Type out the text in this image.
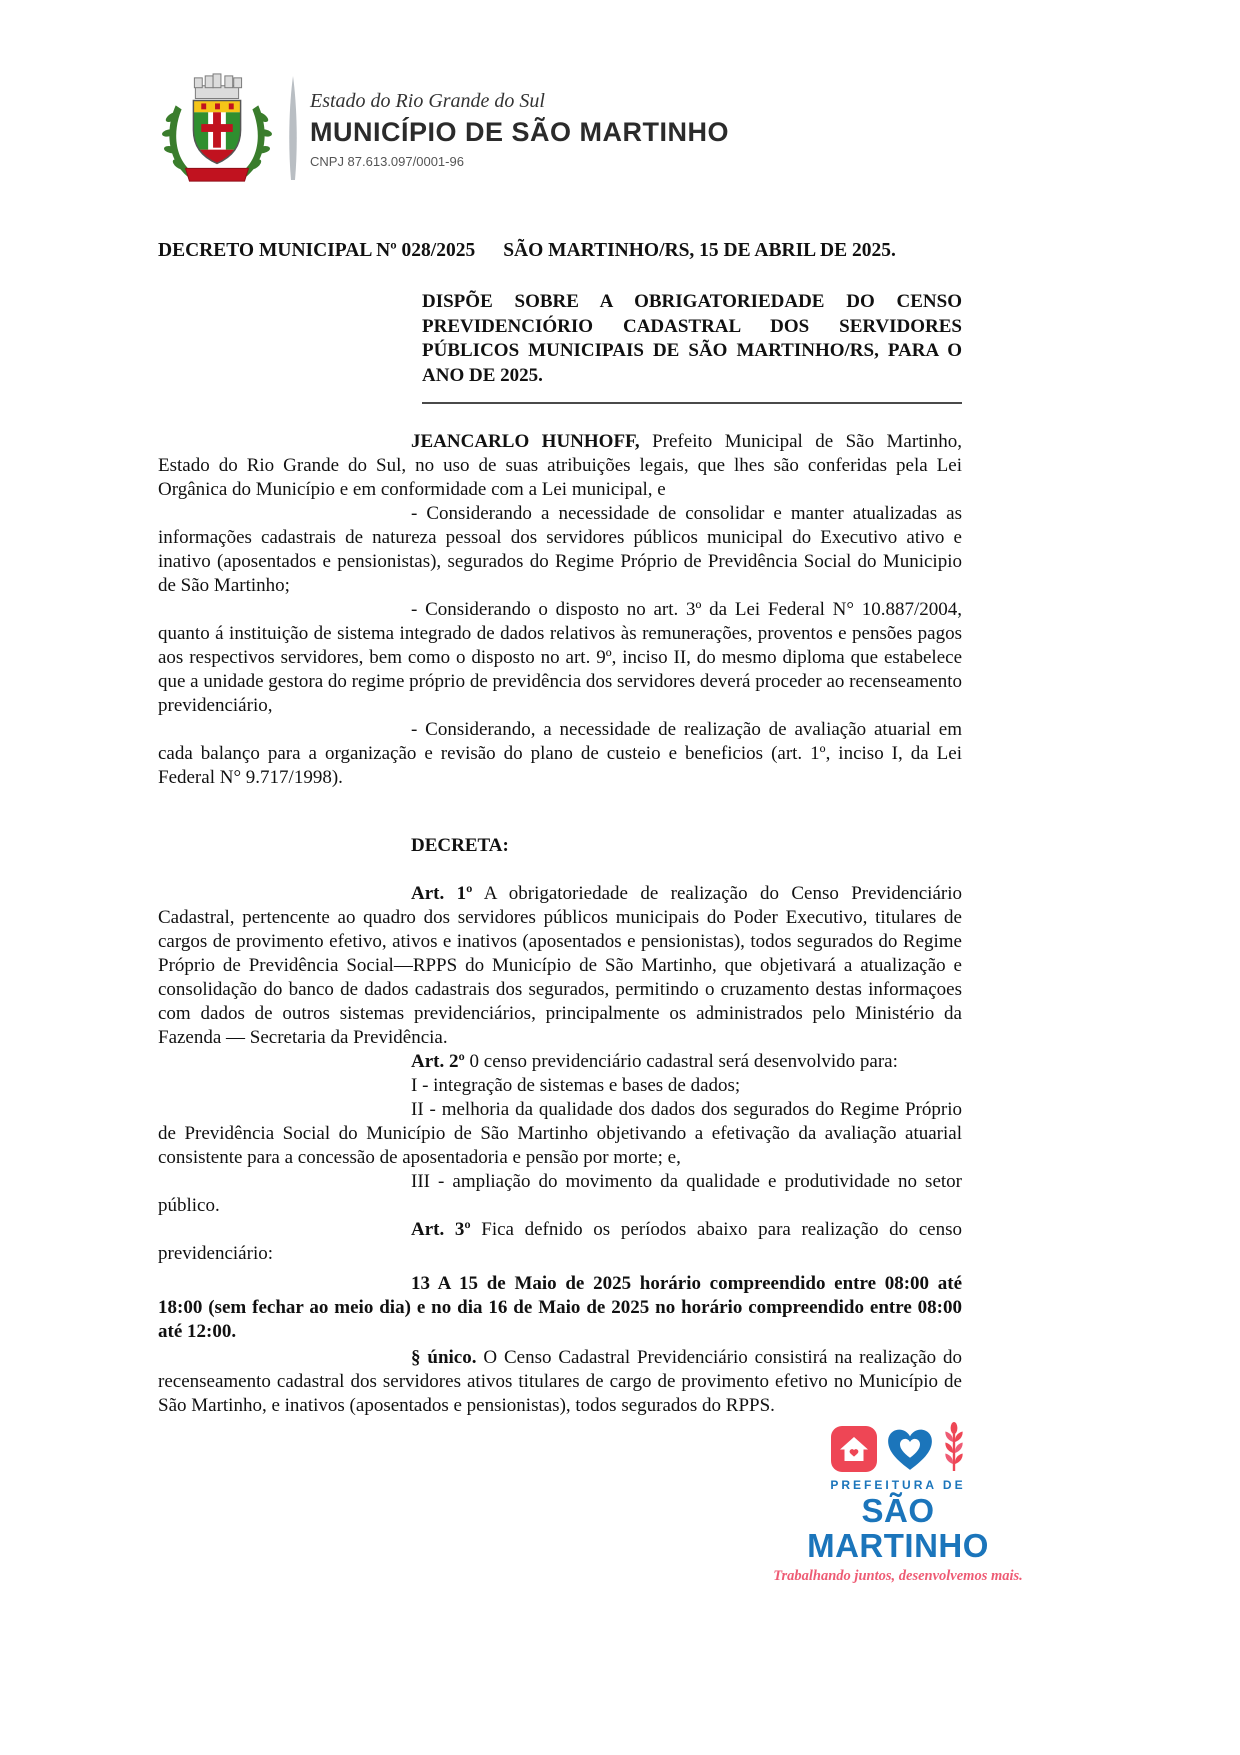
Estado do Rio Grande do Sul
MUNICÍPIO DE SÃO MARTINHO
CNPJ 87.613.097/0001-96
DECRETO MUNICIPAL Nº 028/2025 SÃO MARTINHO/RS, 15 DE ABRIL DE 2025.

DISPÕE SOBRE A OBRIGATORIEDADE DO CENSO PREVIDENCIÓRIO CADASTRAL DOS SERVIDORES PÚBLICOS MUNICIPAIS DE SÃO MARTINHO/RS, PARA O ANO DE 2025.

JEANCARLO HUNHOFF, Prefeito Municipal de São Martinho, Estado do Rio Grande do Sul, no uso de suas atribuições legais, que lhes são conferidas pela Lei Orgânica do Município e em conformidade com a Lei municipal, e

- Considerando a necessidade de consolidar e manter atualizadas as informações cadastrais de natureza pessoal dos servidores públicos municipal do Executivo ativo e inativo (aposentados e pensionistas), segurados do Regime Próprio de Previdência Social do Municipio de São Martinho;

- Considerando o disposto no art. 3º da Lei Federal N° 10.887/2004, quanto á instituição de sistema integrado de dados relativos às remunerações, proventos e pensões pagos aos respectivos servidores, bem como o disposto no art. 9º, inciso II, do mesmo diploma que estabelece que a unidade gestora do regime próprio de previdência dos servidores deverá proceder ao recenseamento previdenciário,

- Considerando, a necessidade de realização de avaliação atuarial em cada balanço para a organização e revisão do plano de custeio e beneficios (art. 1º, inciso I, da Lei Federal N° 9.717/1998).

DECRETA:

Art. 1º A obrigatoriedade de realização do Censo Previdenciário Cadastral, pertencente ao quadro dos servidores públicos municipais do Poder Executivo, titulares de cargos de provimento efetivo, ativos e inativos (aposentados e pensionistas), todos segurados do Regime Próprio de Previdência Social—RPPS do Município de São Martinho, que objetivará a atualização e consolidação do banco de dados cadastrais dos segurados, permitindo o cruzamento destas informaçoes com dados de outros sistemas previdenciários, principalmente os administrados pelo Ministério da Fazenda — Secretaria da Previdência.

Art. 2º 0 censo previdenciário cadastral será desenvolvido para:

I - integração de sistemas e bases de dados;

II - melhoria da qualidade dos dados dos segurados do Regime Próprio de Previdência Social do Município de São Martinho objetivando a efetivação da avaliação atuarial consistente para a concessão de aposentadoria e pensão por morte; e,

III - ampliação do movimento da qualidade e produtividade no setor público.

Art. 3º Fica defnido os períodos abaixo para realização do censo previdenciário:

13 A 15 de Maio de 2025 horário compreendido entre 08:00 até 18:00 (sem fechar ao meio dia) e no dia 16 de Maio de 2025 no horário compreendido entre 08:00 até 12:00.

§ único. O Censo Cadastral Previdenciário consistirá na realização do recenseamento cadastral dos servidores ativos titulares de cargo de provimento efetivo no Município de São Martinho, e inativos (aposentados e pensionistas), todos segurados do RPPS.

PREFEITURA DE
SÃO MARTINHO
Trabalhando juntos, desenvolvemos mais.
